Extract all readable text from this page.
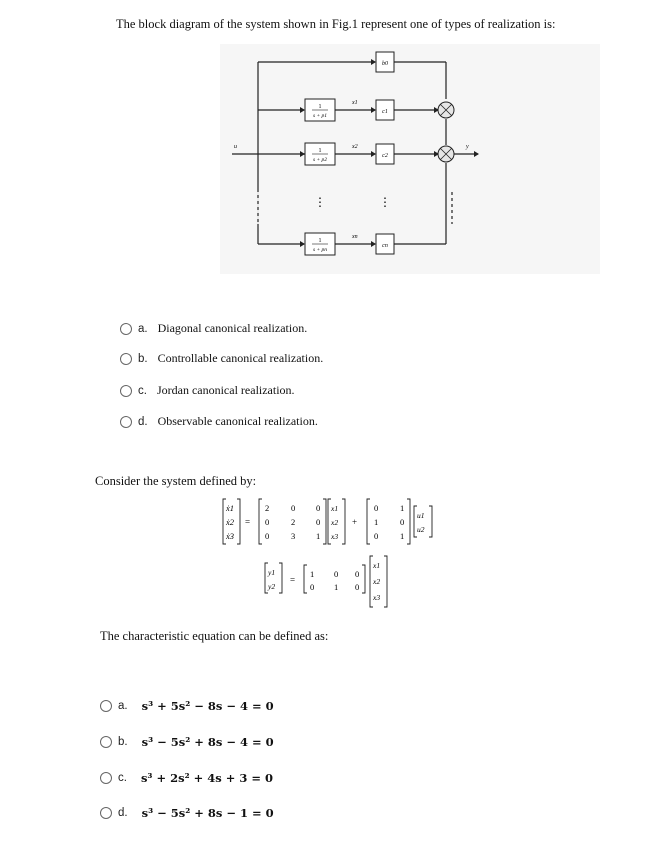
The block diagram of the system shown in Fig.1 represent one of types of realization is:
1
s + p1
1
s + p2
1
s + pn
b0
c1
c2
cn
x1
x2
xn
⋮	⋮
u	y
a. Diagonal canonical realization.
b. Controllable canonical realization.
c. Jordan canonical realization.
d. Observable canonical realization.
Consider the system defined by:
ẋ1
ẋ2
ẋ3
=
2	0 0
0	2 0
0	3 1
x1
x2
x3
+
0	1
1	0
0	1
u1
u2
y1
y2
=
1 0 0
0 1 0
x1
x2
x3
The characteristic equation can be defined as:
a. s³ + 5s² − 8s − 4 = 0
b. s³ − 5s² + 8s − 4 = 0
c. s³ + 2s² + 4s + 3 = 0
d. s³ − 5s² + 8s − 1 = 0
